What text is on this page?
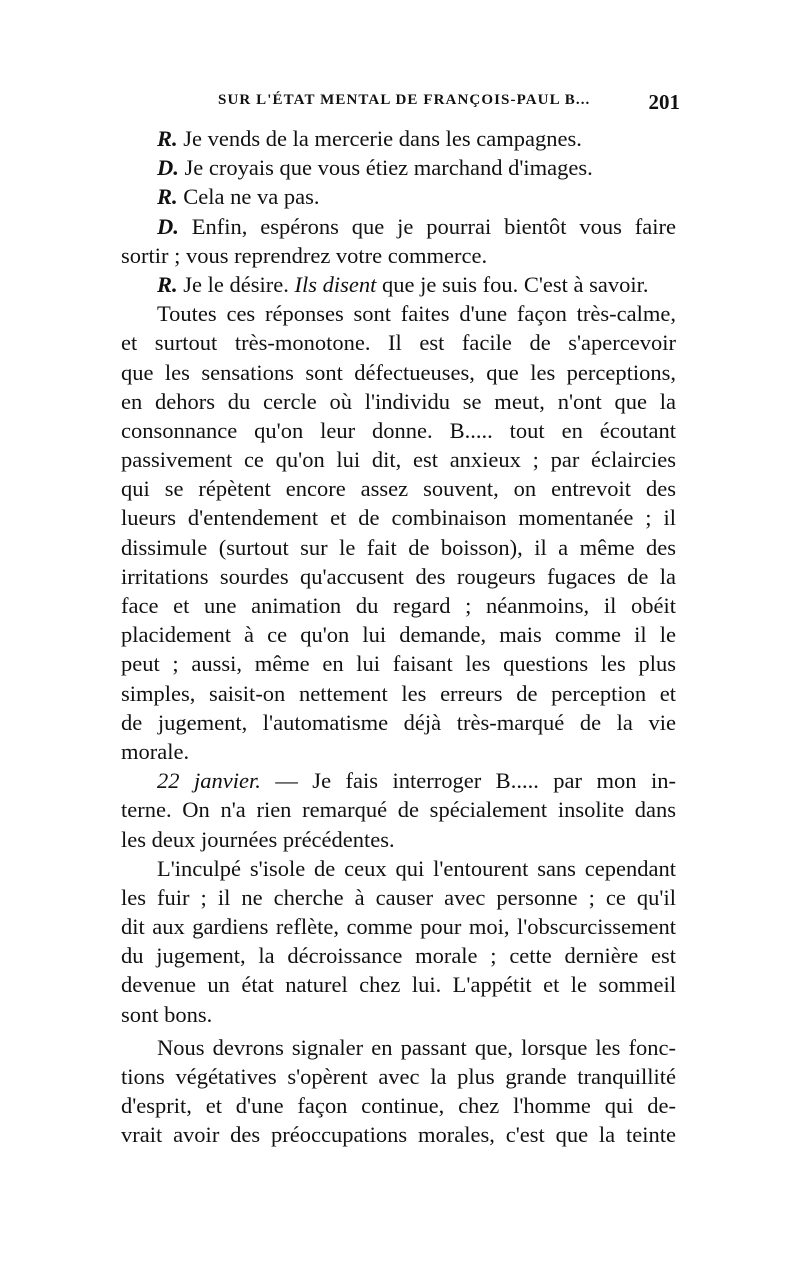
SUR L'ÉTAT MENTAL DE FRANÇOIS-PAUL B...	201
R. Je vends de la mercerie dans les campagnes.
D. Je croyais que vous étiez marchand d'images.
R. Cela ne va pas.
D. Enfin, espérons que je pourrai bientôt vous faire
sortir ; vous reprendrez votre commerce.
R. Je le désire. Ils disent que je suis fou. C'est à savoir.
Toutes ces réponses sont faites d'une façon très-calme,
et surtout très-monotone. Il est facile de s'apercevoir
que les sensations sont défectueuses, que les perceptions,
en dehors du cercle où l'individu se meut, n'ont que la
consonnance qu'on leur donne. B..... tout en écoutant
passivement ce qu'on lui dit, est anxieux ; par éclaircies
qui se répètent encore assez souvent, on entrevoit des
lueurs d'entendement et de combinaison momentanée ; il
dissimule (surtout sur le fait de boisson), il a même des
irritations sourdes qu'accusent des rougeurs fugaces de la
face et une animation du regard ; néanmoins, il obéit
placidement à ce qu'on lui demande, mais comme il le
peut ; aussi, même en lui faisant les questions les plus
simples, saisit-on nettement les erreurs de perception et
de jugement, l'automatisme déjà très-marqué de la vie
morale.
22 janvier. — Je fais interroger B..... par mon in-
terne. On n'a rien remarqué de spécialement insolite dans
les deux journées précédentes.
L'inculpé s'isole de ceux qui l'entourent sans cependant
les fuir ; il ne cherche à causer avec personne ; ce qu'il
dit aux gardiens reflète, comme pour moi, l'obscurcissement
du jugement, la décroissance morale ; cette dernière est
devenue un état naturel chez lui. L'appétit et le sommeil
sont bons.
Nous devrons signaler en passant que, lorsque les fonc-
tions végétatives s'opèrent avec la plus grande tranquillité
d'esprit, et d'une façon continue, chez l'homme qui de-
vrait avoir des préoccupations morales, c'est que la teinte
